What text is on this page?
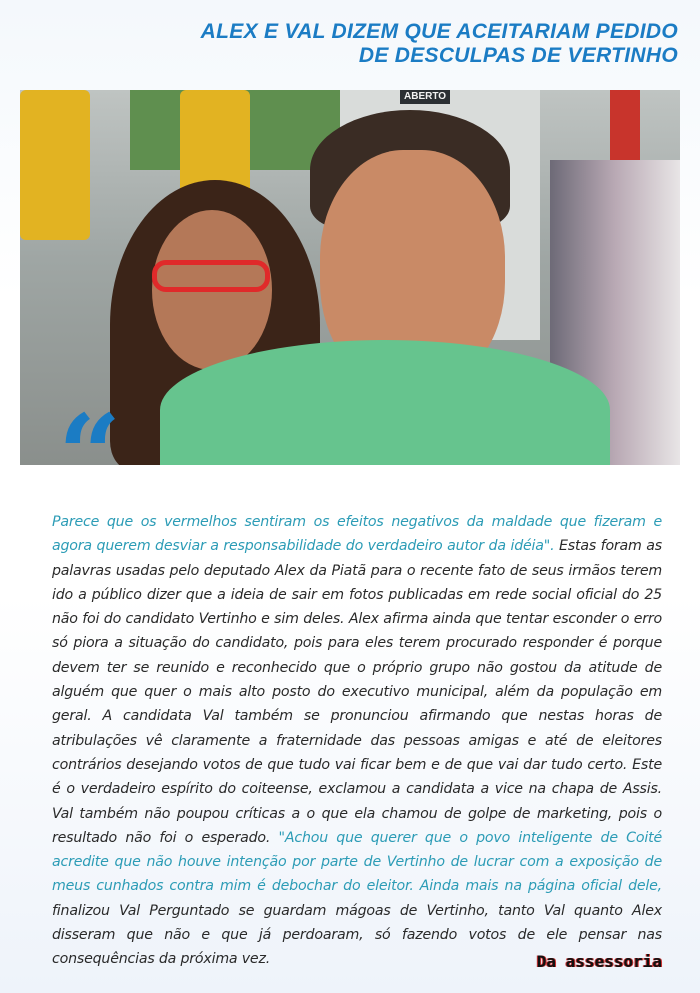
ALEX E VAL DIZEM QUE ACEITARIAM PEDIDO
DE DESCULPAS DE VERTINHO
ABERTO
“
Parece que os vermelhos sentiram os efeitos negativos da maldade que fizeram e agora querem desviar a responsabilidade do verdadeiro autor da idéia". Estas foram as palavras usadas pelo deputado Alex da Piatã para o recente fato de seus irmãos terem ido a público dizer que a ideia de sair em fotos publicadas em rede social oficial do 25 não foi do candidato Vertinho e sim deles. Alex afirma ainda que tentar esconder o erro só piora a situação do candidato, pois para eles terem procurado responder é porque devem ter se reunido e reconhecido que o próprio grupo não gostou da atitude de alguém que quer o mais alto posto do executivo municipal, além da população em geral. A candidata Val também se pronunciou afirmando que nestas horas de atribulações vê claramente a fraternidade das pessoas amigas e até de eleitores contrários desejando votos de que tudo vai ficar bem e de que vai dar tudo certo. Este é o verdadeiro espírito do coiteense, exclamou a candidata a vice na chapa de Assis. Val também não poupou críticas a o que ela chamou de golpe de marketing, pois o resultado não foi o esperado. "Achou que querer que o povo inteligente de Coité acredite que não houve intenção por parte de Vertinho de lucrar com a exposição de meus cunhados contra mim é debochar do eleitor. Ainda mais na página oficial dele, finalizou Val Perguntado se guardam mágoas de Vertinho, tanto Val quanto Alex disseram que não e que já perdoaram, só fazendo votos de ele pensar nas consequências da próxima vez.	Da assessoria
